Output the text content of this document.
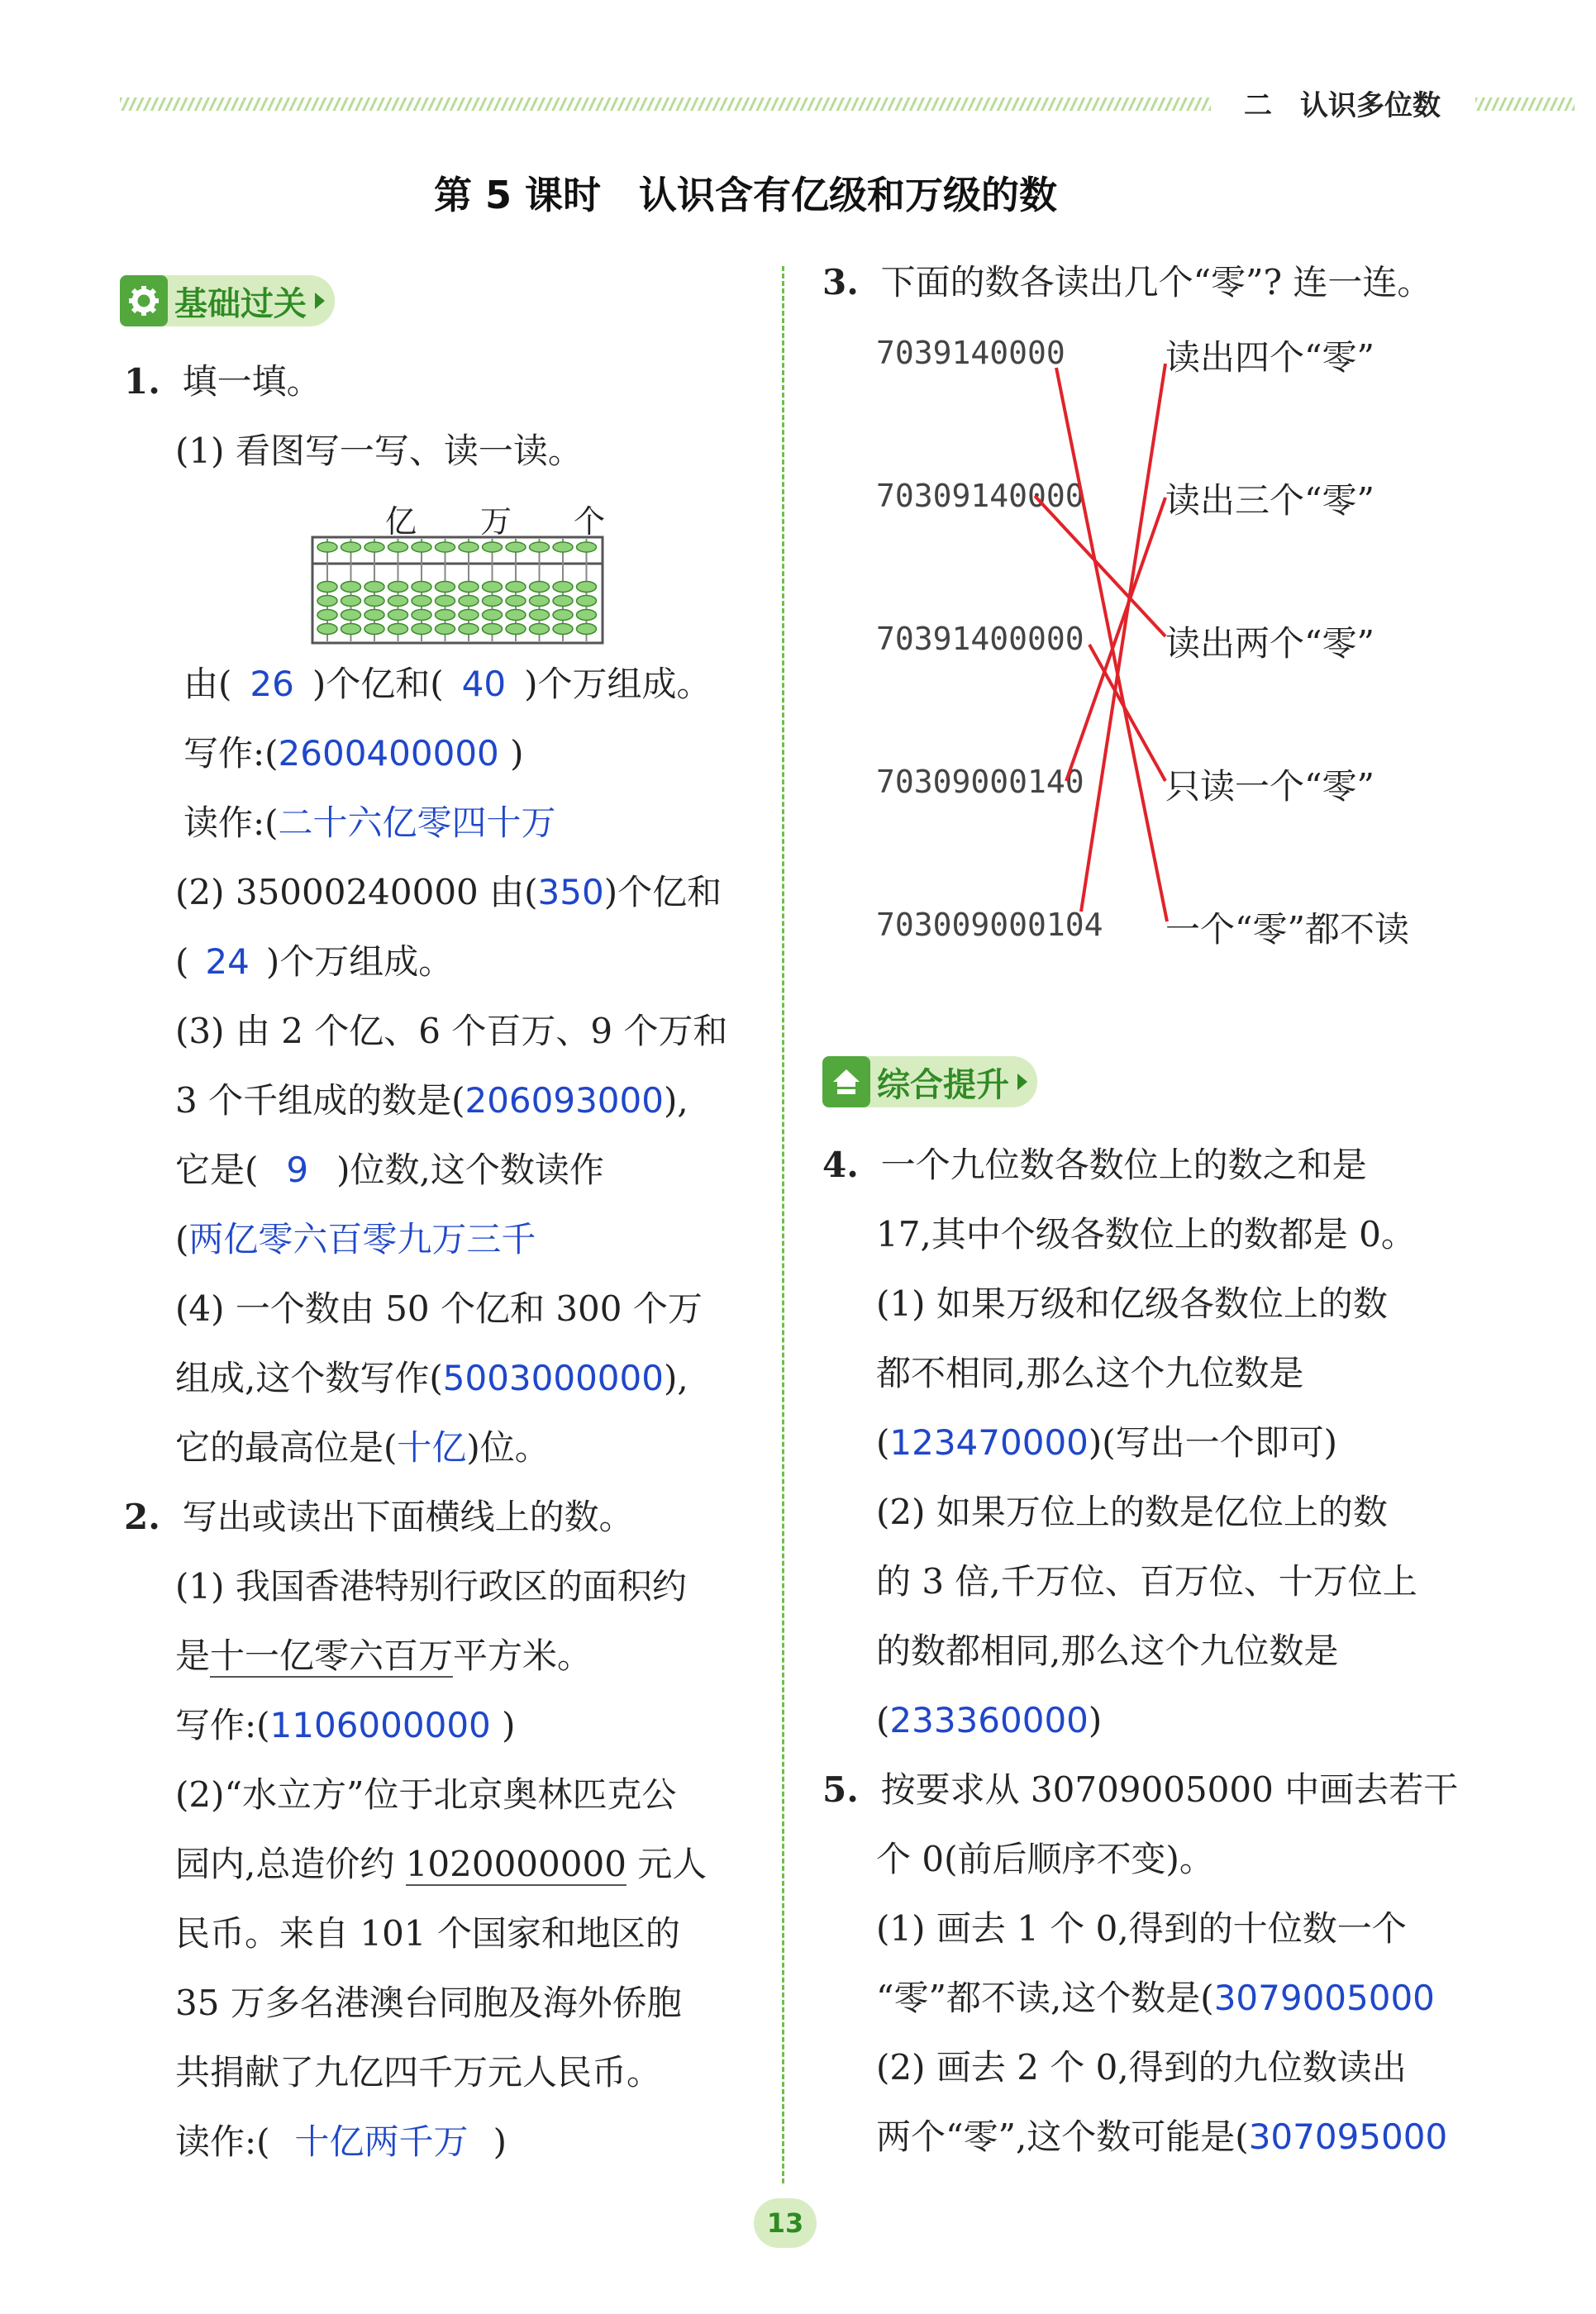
二　认识多位数
第 5 课时　认识含有亿级和万级的数
基础过关
1. 填一填。
(1) 看图写一写、读一读。
亿 万 个
由( 26 )个亿和( 40 )个万组成。
写作:(2600400000 )
读作:(二十六亿零四十万
(2) 35000240000 由(350)个亿和
( 24 )个万组成。
(3) 由 2 个亿、6 个百万、9 个万和
3 个千组成的数是(206093000),
它是( 9 )位数,这个数读作
(两亿零六百零九万三千
(4) 一个数由 50 个亿和 300 个万
组成,这个数写作(5003000000),
它的最高位是(十亿)位。
2. 写出或读出下面横线上的数。
(1) 我国香港特别行政区的面积约
是十一亿零六百万平方米。
写作:(1106000000 )
(2)“水立方”位于北京奥林匹克公
园内,总造价约 1020000000 元人
民币。来自 101 个国家和地区的
35 万多名港澳台同胞及海外侨胞
共捐献了九亿四千万元人民币。
读作:( 十亿两千万 )
3. 下面的数各读出几个“零”? 连一连。
7039140000
70309140000
70391400000
70309000140
703009000104
读出四个“零”
读出三个“零”
读出两个“零”
只读一个“零”
一个“零”都不读
综合提升
4. 一个九位数各数位上的数之和是
17,其中个级各数位上的数都是 0。
(1) 如果万级和亿级各数位上的数
都不相同,那么这个九位数是
(123470000)(写出一个即可)
(2) 如果万位上的数是亿位上的数
的 3 倍,千万位、百万位、十万位上
的数都相同,那么这个九位数是
(233360000)
5. 按要求从 30709005000 中画去若干
个 0(前后顺序不变)。
(1) 画去 1 个 0,得到的十位数一个
“零”都不读,这个数是(3079005000
(2) 画去 2 个 0,得到的九位数读出
两个“零”,这个数可能是(307095000
13
